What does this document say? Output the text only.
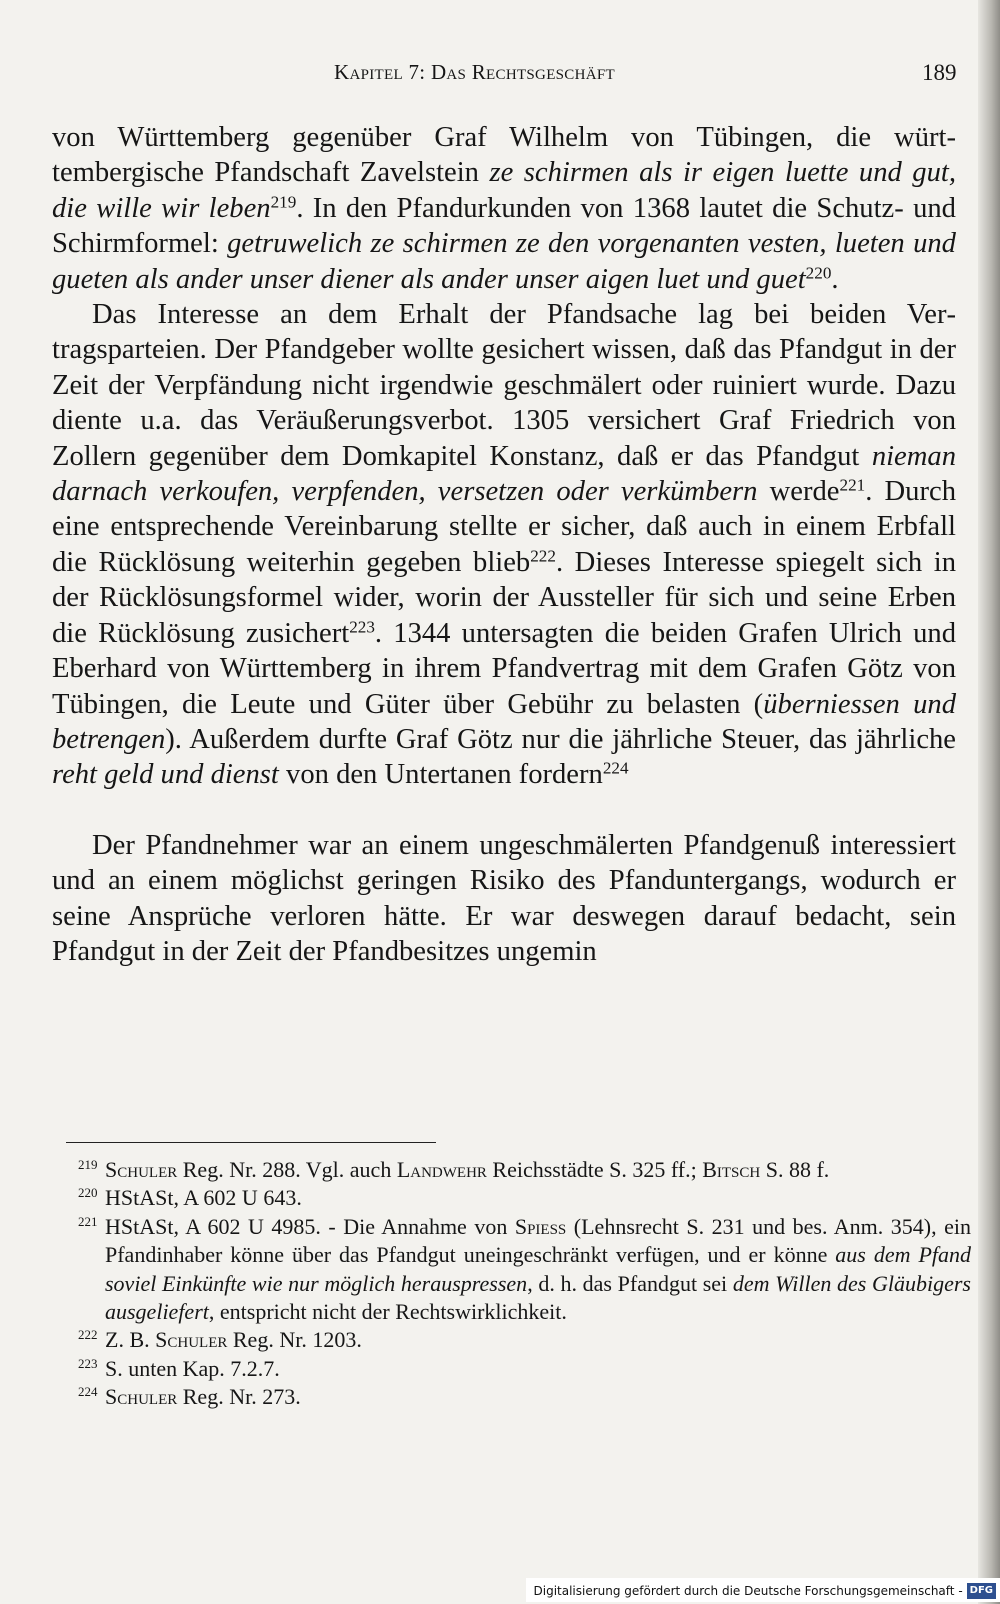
Kapitel 7: Das Rechtsgeschäft	189

von Württemberg gegenüber Graf Wilhelm von Tübingen, die württembergische Pfandschaft Zavelstein ze schirmen als ir eigen luette und gut, die wille wir leben$^{219}$. In den Pfandurkunden von 1368 lautet die Schutz- und Schirmformel: getruwelich ze schirmen ze den vorgenanten vesten, lueten und gueten als ander unser diener als ander unser aigen luet und guet$^{220}$.

Das Interesse an dem Erhalt der Pfandsache lag bei beiden Vertragsparteien. Der Pfandgeber wollte gesichert wissen, daß das Pfandgut in der Zeit der Verpfändung nicht irgendwie geschmälert oder ruiniert wurde. Dazu diente u.a. das Veräußerungsverbot. 1305 versichert Graf Friedrich von Zollern gegenüber dem Domkapitel Konstanz, daß er das Pfandgut nieman darnach verkoufen, verpfenden, versetzen oder verkümbern werde$^{221}$. Durch eine entsprechende Vereinbarung stellte er sicher, daß auch in einem Erbfall die Rücklösung weiterhin gegeben blieb$^{222}$. Dieses Interesse spiegelt sich in der Rücklösungsformel wider, worin der Aussteller für sich und seine Erben die Rücklösung zusichert$^{223}$. 1344 untersagten die beiden Grafen Ulrich und Eberhard von Württemberg in ihrem Pfandvertrag mit dem Grafen Götz von Tübingen, die Leute und Güter über Gebühr zu belasten (überniessen und betrengen). Außerdem durfte Graf Götz nur die jährliche Steuer, das jährliche reht geld und dienst von den Untertanen fordern$^{224}$

Der Pfandnehmer war an einem ungeschmälerten Pfandgenuß interessiert und an einem möglichst geringen Risiko des Pfanduntergangs, wodurch er seine Ansprüche verloren hätte. Er war deswegen darauf bedacht, sein Pfandgut in der Zeit der Pfandbesitzes ungemin

219 Schuler Reg. Nr. 288. Vgl. auch Landwehr Reichsstädte S. 325 ff.; Bitsch S. 88 f.

220 HStASt, A 602 U 643.

221 HStASt, A 602 U 4985. - Die Annahme von Spiess (Lehnsrecht S. 231 und bes. Anm. 354), ein Pfandinhaber könne über das Pfandgut uneingeschränkt verfügen, und er könne aus dem Pfand soviel Einkünfte wie nur möglich herauspressen, d. h. das Pfandgut sei dem Willen des Gläubigers ausgeliefert, entspricht nicht der Rechtswirklichkeit.

222 Z. B. Schuler Reg. Nr. 1203.

223 S. unten Kap. 7.2.7.

224 Schuler Reg. Nr. 273.

Digitalisierung gefördert durch die Deutsche Forschungsgemeinschaft - DFG
